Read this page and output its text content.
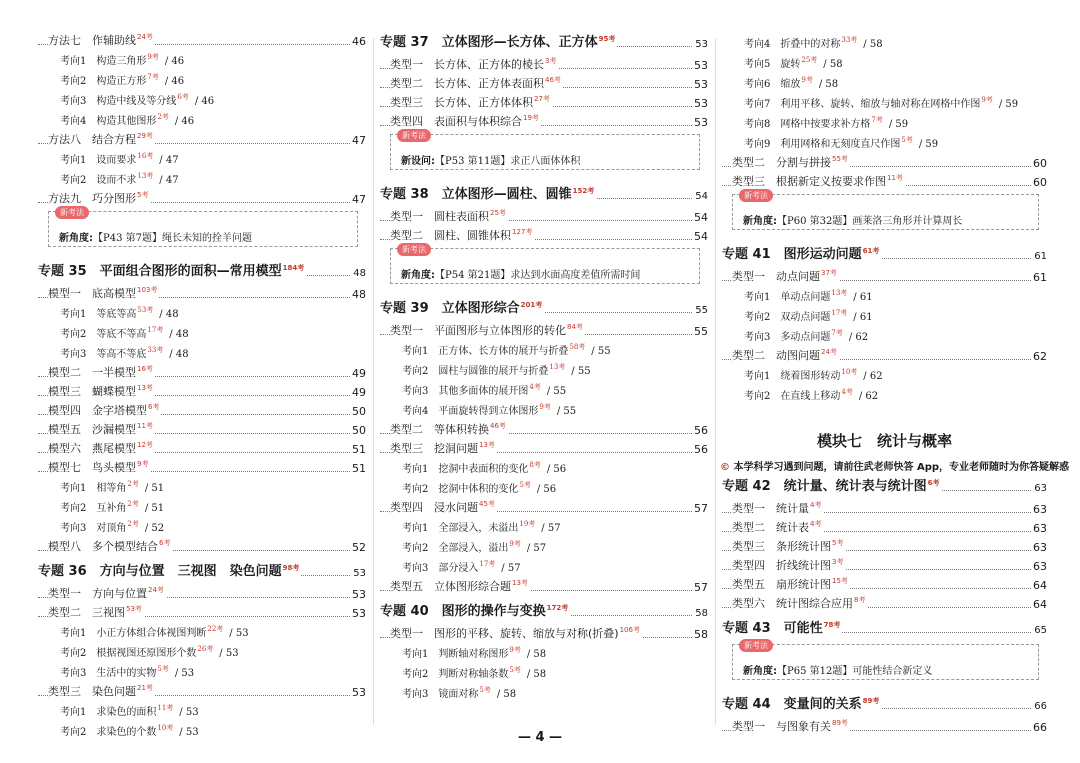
方法七　作辅助线$^{24考}$	46
考向1　构造三角形$^{9考}$ / 46
考向2　构造正方形$^{7考}$ / 46
考向3　构造中线及等分线$^{6考}$ / 46
考向4　构造其他图形$^{2考}$ / 46
方法八　结合方程$^{29考}$	47
考向1　设而要求$^{16考}$ / 47
考向2　设而不求$^{13考}$ / 47
方法九　巧分图形$^{5考}$	47
新考法
新角度:【P43 第7题】绳长未知的拴羊问题
专题 35　平面组合图形的面积—常用模型$^{184考}$	48
模型一　底高模型$^{103考}$	48
考向1　等底等高$^{53考}$ / 48
考向2　等底不等高$^{17考}$ / 48
考向3　等高不等底$^{33考}$ / 48
模型二　一半模型$^{16考}$	49
模型三　蝴蝶模型$^{13考}$	49
模型四　金字塔模型$^{6考}$	50
模型五　沙漏模型$^{11考}$	50
模型六　燕尾模型$^{12考}$	51
模型七　鸟头模型$^{9考}$	51
考向1　相等角$^{2考}$ / 51
考向2　互补角$^{2考}$ / 51
考向3　对顶角$^{2考}$ / 52
模型八　多个模型结合$^{6考}$	52
专题 36　方向与位置　三视图　染色问题$^{98考}$	53
类型一　方向与位置$^{24考}$	53
类型二　三视图$^{53考}$	53
考向1　小正方体组合体视图判断$^{22考}$ / 53
考向2　根据视图还原图形个数$^{26考}$ / 53
考向3　生活中的实物$^{5考}$ / 53
类型三　染色问题$^{21考}$	53
考向1　求染色的面积$^{11考}$ / 53
考向2　求染色的个数$^{10考}$ / 53
专题 37　立体图形—长方体、正方体$^{95考}$	53
类型一　长方体、正方体的棱长$^{3考}$	53
类型二　长方体、正方体表面积$^{46考}$	53
类型三　长方体、正方体体积$^{27考}$	53
类型四　表面积与体积综合$^{19考}$	53
新考法
新设问:【P53 第11题】求正八面体体积
专题 38　立体图形—圆柱、圆锥$^{152考}$	54
类型一　圆柱表面积$^{25考}$	54
类型二　圆柱、圆锥体积$^{127考}$	54
新考法
新角度:【P54 第21题】求达到水面高度差值所需时间
专题 39　立体图形综合$^{201考}$	55
类型一　平面图形与立体图形的转化$^{84考}$	55
考向1　正方体、长方体的展开与折叠$^{58考}$ / 55
考向2　圆柱与圆锥的展开与折叠$^{13考}$ / 55
考向3　其他多面体的展开图$^{4考}$ / 55
考向4　平面旋转得到立体图形$^{9考}$ / 55
类型二　等体积转换$^{46考}$	56
类型三　挖洞问题$^{13考}$	56
考向1　挖洞中表面积的变化$^{8考}$ / 56
考向2　挖洞中体积的变化$^{5考}$ / 56
类型四　浸水问题$^{45考}$	57
考向1　全部浸入，未溢出$^{19考}$ / 57
考向2　全部浸入，溢出$^{9考}$ / 57
考向3　部分浸入$^{17考}$ / 57
类型五　立体图形综合题$^{13考}$	57
专题 40　图形的操作与变换$^{172考}$	58
类型一　图形的平移、旋转、缩放与对称(折叠)$^{106考}$	58
考向1　判断轴对称图形$^{9考}$ / 58
考向2　判断对称轴条数$^{5考}$ / 58
考向3　镜面对称$^{5考}$ / 58
考向4　折叠中的对称$^{33考}$ / 58
考向5　旋转$^{25考}$ / 58
考向6　缩放$^{9考}$ / 58
考向7　利用平移、旋转、缩放与轴对称在网格中作图$^{9考}$ / 59
考向8　网格中按要求补方格$^{7考}$ / 59
考向9　利用网格和无刻度直尺作图$^{5考}$ / 59
类型二　分割与拼接$^{55考}$	60
类型三　根据新定义按要求作图$^{11考}$	60
新考法
新角度:【P60 第32题】画莱洛三角形并计算周长
专题 41　图形运动问题$^{61考}$	61
类型一　动点问题$^{37考}$	61
考向1　单动点问题$^{13考}$ / 61
考向2　双动点问题$^{17考}$ / 61
考向3　多动点问题$^{7考}$ / 62
类型二　动图问题$^{24考}$	62
考向1　绕着图形转动$^{10考}$ / 62
考向2　在直线上移动$^{4考}$ / 62
专题 42　统计量、统计表与统计图$^{6考}$	63
类型一　统计量$^{4考}$	63
类型二　统计表$^{4考}$	63
类型三　条形统计图$^{5考}$	63
类型四　折线统计图$^{3考}$	63
类型五　扇形统计图$^{15考}$	64
类型六　统计图综合应用$^{8考}$	64
专题 43　可能性$^{78考}$	65
新考法
新角度:【P65 第12题】可能性结合新定义
专题 44　变量间的关系$^{89考}$	66
类型一　与图象有关$^{89考}$	66
模块七　统计与概率
© 本学科学习遇到问题，请前往武老师快答 App，专业老师随时为你答疑解惑
— 4 —
